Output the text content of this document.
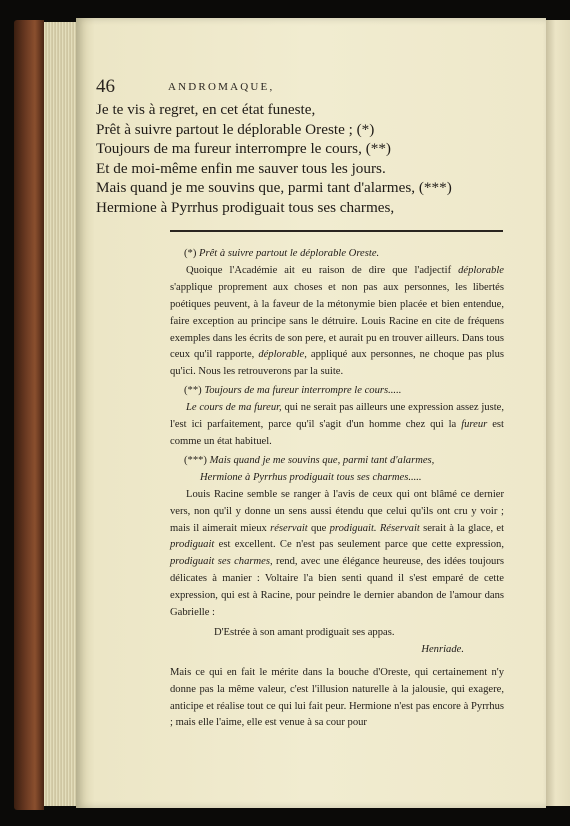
46	ANDROMAQUE,
Je te vis à regret, en cet état funeste,
Prêt à suivre partout le déplorable Oreste ; (*)
Toujours de ma fureur interrompre le cours, (**)
Et de moi-même enfin me sauver tous les jours.
Mais quand je me souvins que, parmi tant d'alarmes, (***)
Hermione à Pyrrhus prodiguait tous ses charmes,

(*) Prêt à suivre partout le déplorable Oreste.

Quoique l'Académie ait eu raison de dire que l'adjectif déplorable s'applique proprement aux choses et non pas aux personnes, les libertés poétiques peuvent, à la faveur de la métonymie bien placée et bien entendue, faire exception au principe sans le détruire. Louis Racine en cite de fréquens exemples dans les écrits de son pere, et aurait pu en trouver ailleurs. Dans tous ceux qu'il rapporte, déplorable, appliqué aux personnes, ne choque pas plus qu'ici. Nous les retrouverons par la suite.

(**) Toujours de ma fureur interrompre le cours.....

Le cours de ma fureur, qui ne serait pas ailleurs une expression assez juste, l'est ici parfaitement, parce qu'il s'agit d'un homme chez qui la fureur est comme un état habituel.

(***) Mais quand je me souvins que, parmi tant d'alarmes,

Hermione à Pyrrhus prodiguait tous ses charmes.....

Louis Racine semble se ranger à l'avis de ceux qui ont blâmé ce dernier vers, non qu'il y donne un sens aussi étendu que celui qu'ils ont cru y voir ; mais il aimerait mieux réservait que prodiguait. Réservait serait à la glace, et prodiguait est excellent. Ce n'est pas seulement parce que cette expression, prodiguait ses charmes, rend, avec une élégance heureuse, des idées toujours délicates à manier : Voltaire l'a bien senti quand il s'est emparé de cette expression, qui est à Racine, pour peindre le dernier abandon de l'amour dans Gabrielle :

D'Estrée à son amant prodiguait ses appas.

Henriade.

Mais ce qui en fait le mérite dans la bouche d'Oreste, qui certainement n'y donne pas la même valeur, c'est l'illusion naturelle à la jalousie, qui exagere, anticipe et réalise tout ce qui lui fait peur. Hermione n'est pas encore à Pyrrhus ; mais elle l'aime, elle est venue à sa cour pour
